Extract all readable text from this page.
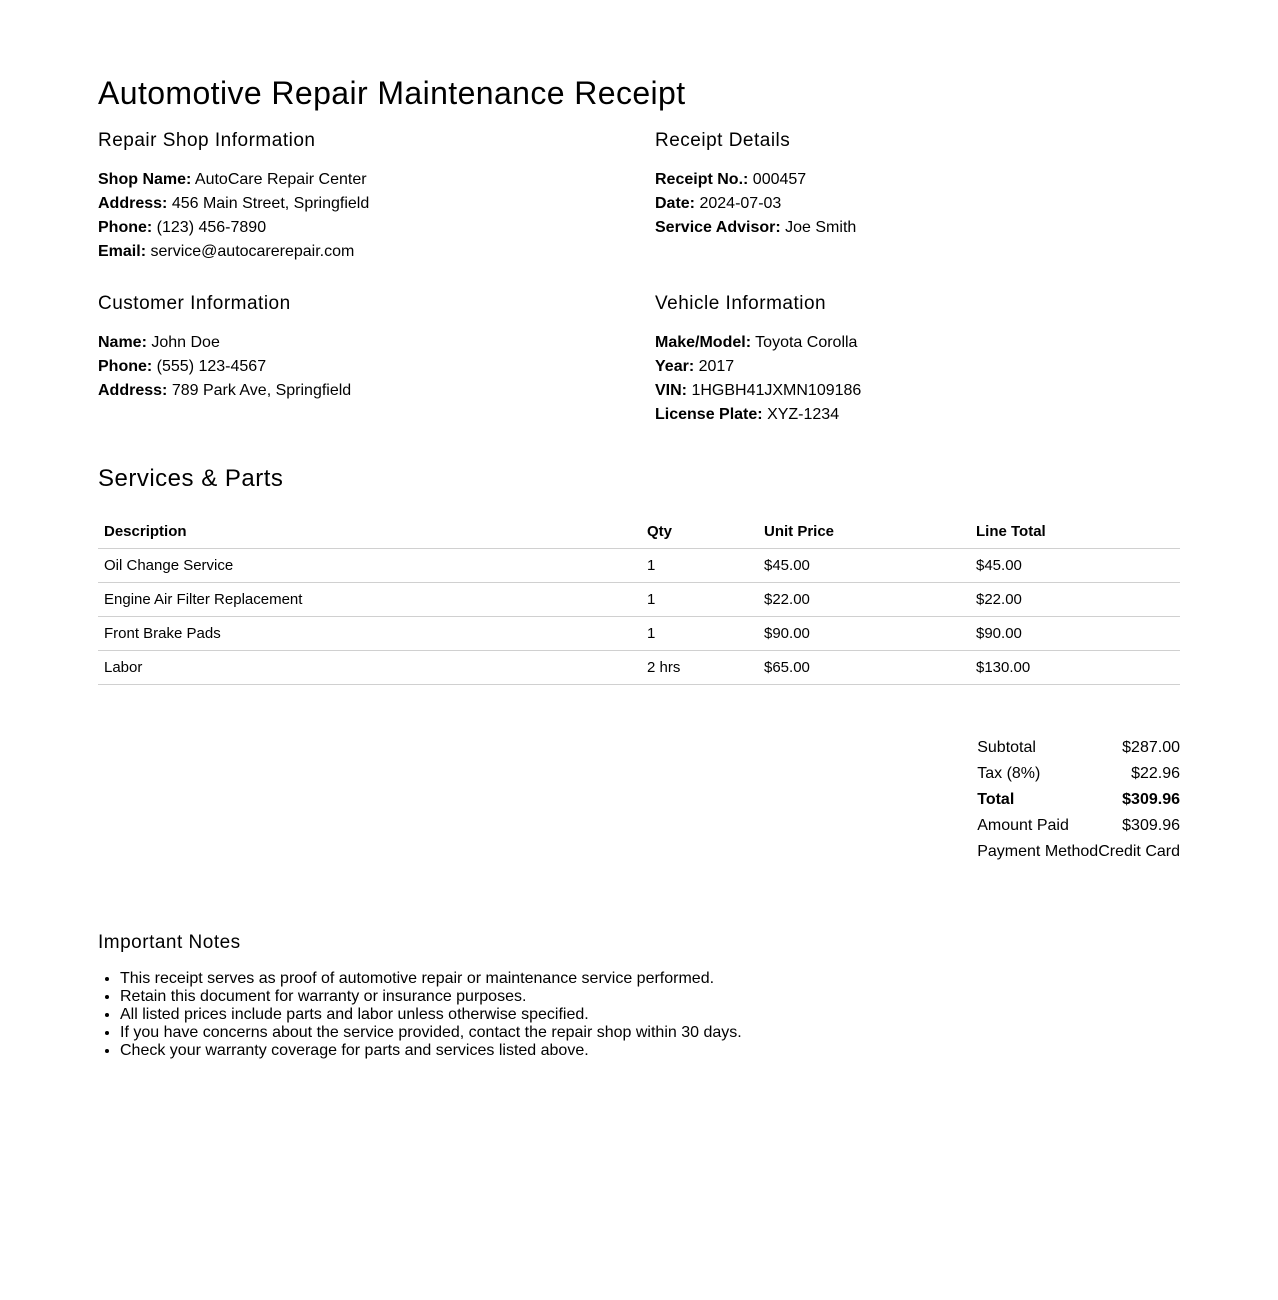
Automotive Repair Maintenance Receipt
Repair Shop Information
Shop Name: AutoCare Repair Center
Address: 456 Main Street, Springfield
Phone: (123) 456-7890
Email: service@autocarerepair.com
Receipt Details
Receipt No.: 000457
Date: 2024-07-03
Service Advisor: Joe Smith
Customer Information
Name: John Doe
Phone: (555) 123-4567
Address: 789 Park Ave, Springfield
Vehicle Information
Make/Model: Toyota Corolla
Year: 2017
VIN: 1HGBH41JXMN109186
License Plate: XYZ-1234
Services & Parts
Description	Qty	Unit Price	Line Total
Oil Change Service	1	$45.00	$45.00
Engine Air Filter Replacement	1	$22.00	$22.00
Front Brake Pads	1	$90.00	$90.00
Labor	2 hrs	$65.00	$130.00
Subtotal	$287.00
Tax (8%)	$22.96
Total	$309.96
Amount Paid	$309.96
Payment Method	Credit Card
Important Notes
• This receipt serves as proof of automotive repair or maintenance service performed.
• Retain this document for warranty or insurance purposes.
• All listed prices include parts and labor unless otherwise specified.
• If you have concerns about the service provided, contact the repair shop within 30 days.
• Check your warranty coverage for parts and services listed above.
